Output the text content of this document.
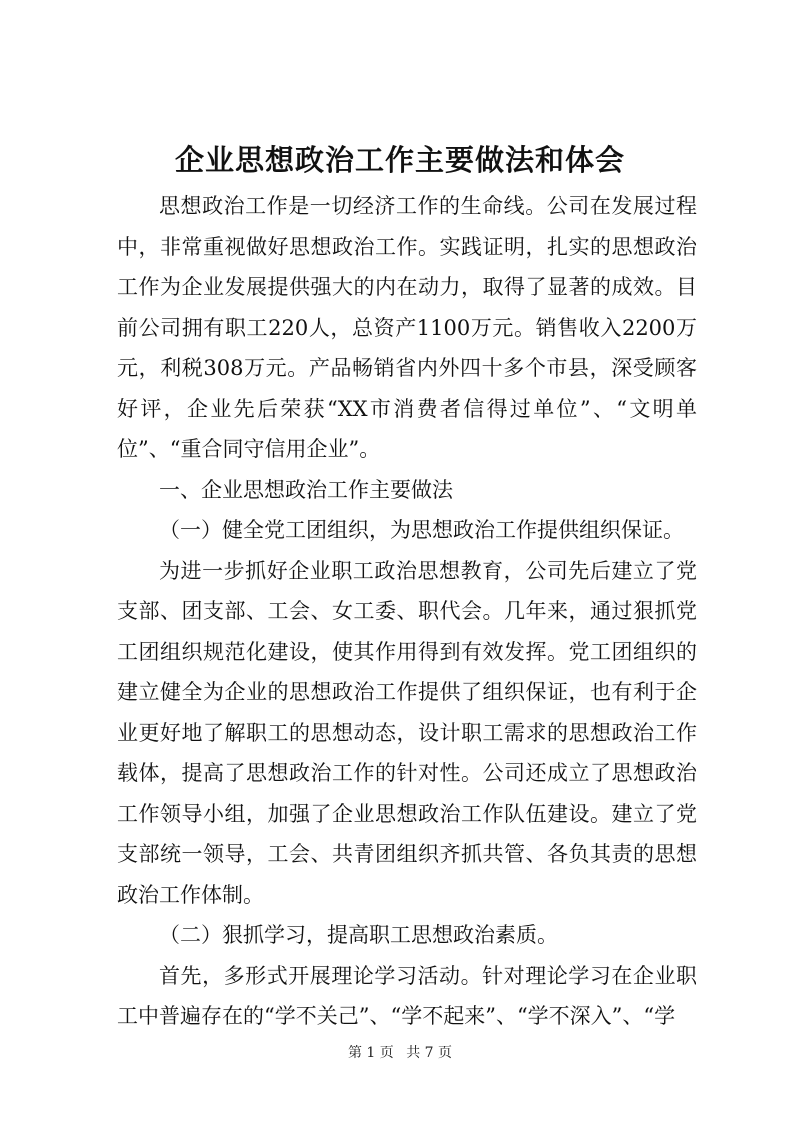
企业思想政治工作主要做法和体会

思想政治工作是一切经济工作的生命线。公司在发展过程中，非常重视做好思想政治工作。实践证明，扎实的思想政治工作为企业发展提供强大的内在动力，取得了显著的成效。目前公司拥有职工220人，总资产1100万元。销售收入2200万元，利税308万元。产品畅销省内外四十多个市县，深受顾客好评，企业先后荣获“XX市消费者信得过单位”、“文明单位”、“重合同守信用企业”。

一、企业思想政治工作主要做法

（一）健全党工团组织，为思想政治工作提供组织保证。

为进一步抓好企业职工政治思想教育，公司先后建立了党支部、团支部、工会、女工委、职代会。几年来，通过狠抓党工团组织规范化建设，使其作用得到有效发挥。党工团组织的建立健全为企业的思想政治工作提供了组织保证，也有利于企业更好地了解职工的思想动态，设计职工需求的思想政治工作载体，提高了思想政治工作的针对性。公司还成立了思想政治工作领导小组，加强了企业思想政治工作队伍建设。建立了党支部统一领导，工会、共青团组织齐抓共管、各负其责的思想政治工作体制。

（二）狠抓学习，提高职工思想政治素质。

首先，多形式开展理论学习活动。针对理论学习在企业职工中普遍存在的“学不关己”、“学不起来”、“学不深入”、“学

第 1 页 共 7 页
